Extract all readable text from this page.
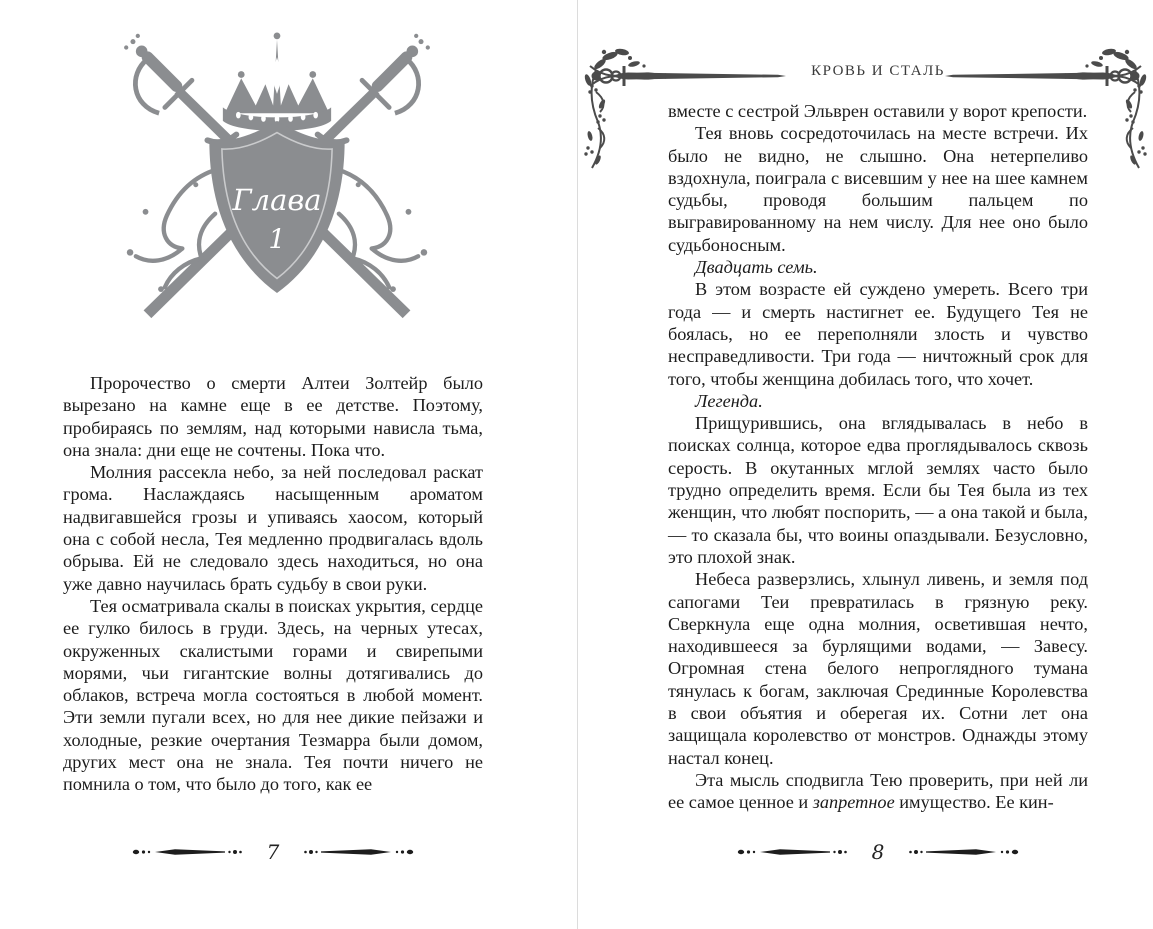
Глава
1

Пророчество о смерти Алтеи Золтейр было вырезано на камне еще в ее детстве. Поэтому, пробираясь по землям, над которыми нависла тьма, она знала: дни еще не сочтены. Пока что.

Молния рассекла небо, за ней последовал раскат грома. Наслаждаясь насыщенным ароматом надвигавшейся грозы и упиваясь хаосом, который она с собой несла, Тея медленно продвигалась вдоль обрыва. Ей не следовало здесь находиться, но она уже давно научилась брать судьбу в свои руки.

Тея осматривала скалы в поисках укрытия, сердце ее гулко билось в груди. Здесь, на черных утесах, окруженных скалистыми горами и свирепыми морями, чьи гигантские волны дотягивались до облаков, встреча могла состояться в любой момент. Эти земли пугали всех, но для нее дикие пейзажи и холодные, резкие очертания Тезмарра были домом, других мест она не знала. Тея почти ничего не помнила о том, что было до того, как ее

7
КРОВЬ И СТАЛЬ

вместе с сестрой Эльврен оставили у ворот крепости.

Тея вновь сосредоточилась на месте встречи. Их было не видно, не слышно. Она нетерпеливо вздохнула, поиграла с висевшим у нее на шее камнем судьбы, проводя большим пальцем по выгравированному на нем числу. Для нее оно было судьбоносным.

Двадцать семь.

В этом возрасте ей суждено умереть. Всего три года — и смерть настигнет ее. Будущего Тея не боялась, но ее переполняли злость и чувство несправедливости. Три года — ничтожный срок для того, чтобы женщина добилась того, что хочет.

Легенда.

Прищурившись, она вглядывалась в небо в поисках солнца, которое едва проглядывалось сквозь серость. В окутанных мглой землях часто было трудно определить время. Если бы Тея была из тех женщин, что любят поспорить, — а она такой и была, — то сказала бы, что воины опаздывали. Безусловно, это плохой знак.

Небеса разверзлись, хлынул ливень, и земля под сапогами Теи превратилась в грязную реку. Сверкнула еще одна молния, осветившая нечто, находившееся за бурлящими водами, — Завесу. Огромная стена белого непроглядного тумана тянулась к богам, заключая Срединные Королевства в свои объятия и оберегая их. Сотни лет она защищала королевство от монстров. Однажды этому настал конец.

Эта мысль сподвигла Тею проверить, при ней ли ее самое ценное и запретное имущество. Ее кин-

8
